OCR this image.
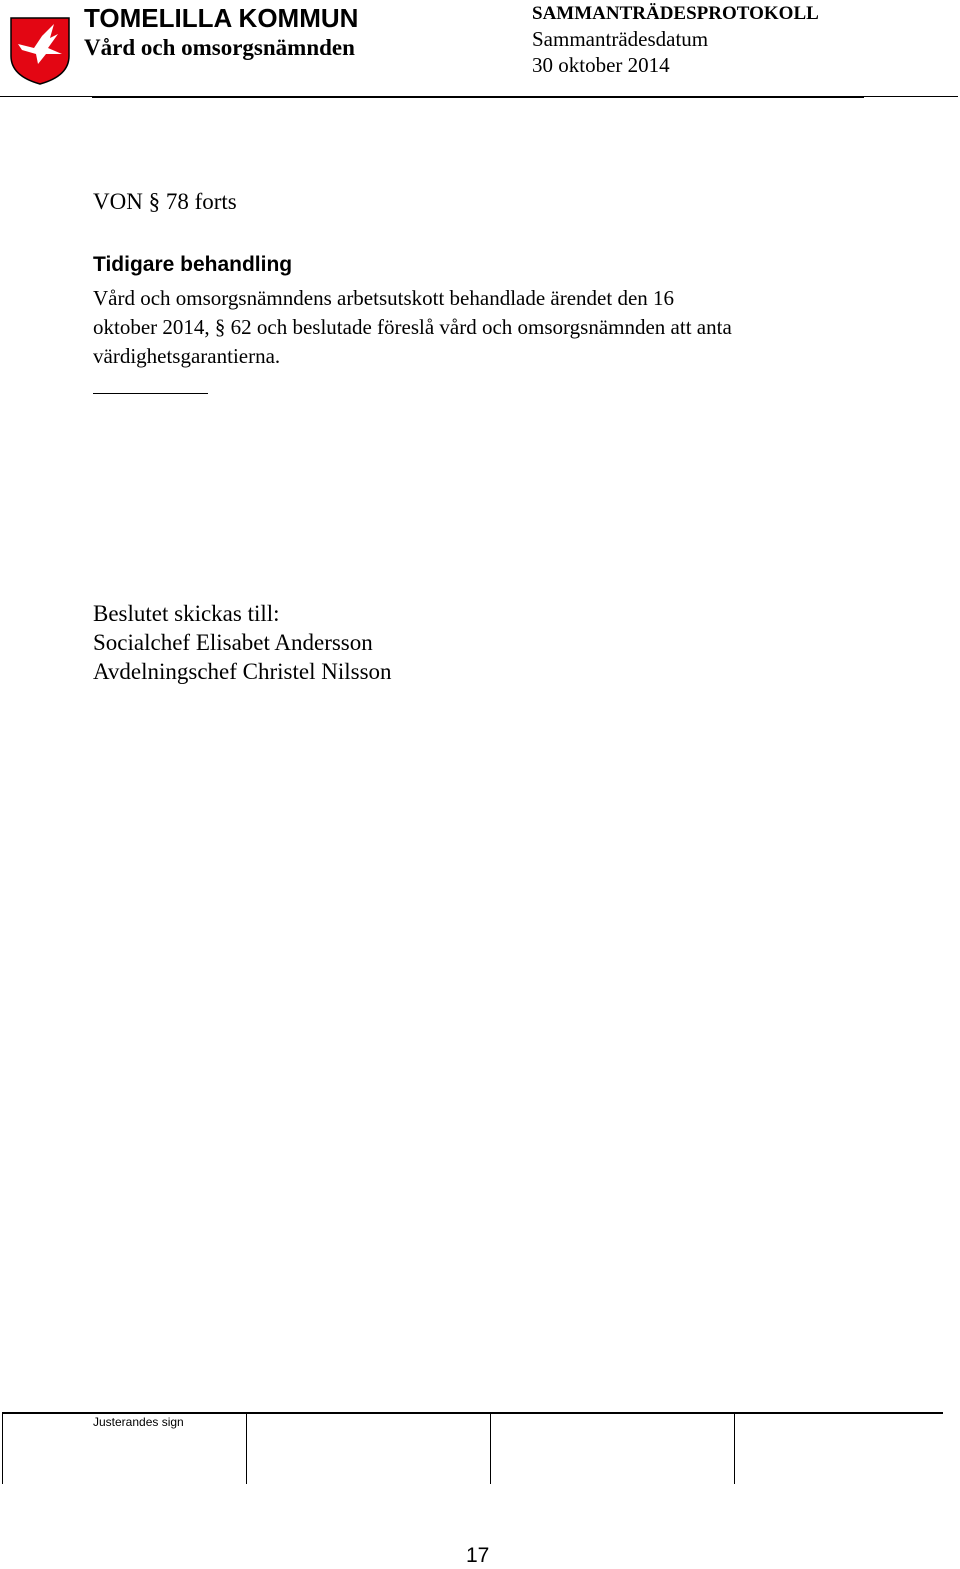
TOMELILLA KOMMUN
Vård och omsorgsnämnden
SAMMANTRÄDESPROTOKOLL
Sammanträdesdatum
30 oktober 2014
VON § 78 forts
Tidigare behandling
Vård och omsorgsnämndens arbetsutskott behandlade ärendet den 16
oktober 2014, § 62 och beslutade föreslå vård och omsorgsnämnden att anta
värdighetsgarantierna.
Beslutet skickas till:
Socialchef Elisabet Andersson
Avdelningschef Christel Nilsson
Justerandes sign
17
